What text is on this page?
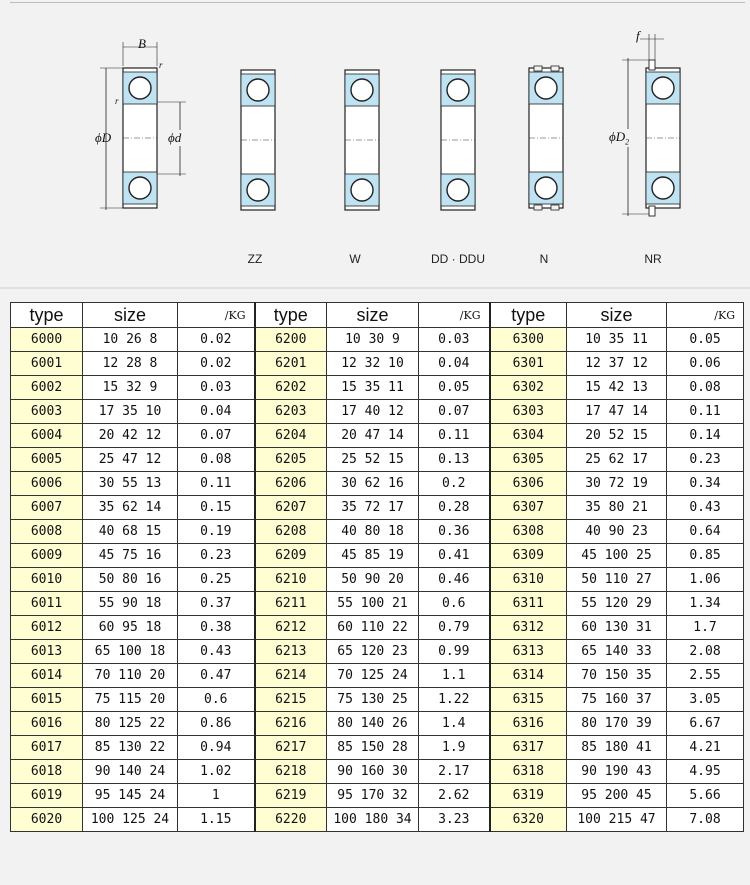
B
r
r
ϕD	ϕd
f
$\phi D_2$
ZZ	W	DD · DDU	N	NR
type	size	/KG	type	size	/KG	type	size	/KG
6000	10 26 8	0.02	6200	10 30 9	0.03	6300	10 35 11	0.05
6001	12 28 8	0.02	6201	12 32 10	0.04	6301	12 37 12	0.06
6002	15 32 9	0.03	6202	15 35 11	0.05	6302	15 42 13	0.08
6003	17 35 10	0.04	6203	17 40 12	0.07	6303	17 47 14	0.11
6004	20 42 12	0.07	6204	20 47 14	0.11	6304	20 52 15	0.14
6005	25 47 12	0.08	6205	25 52 15	0.13	6305	25 62 17	0.23
6006	30 55 13	0.11	6206	30 62 16	0.2	6306	30 72 19	0.34
6007	35 62 14	0.15	6207	35 72 17	0.28	6307	35 80 21	0.43
6008	40 68 15	0.19	6208	40 80 18	0.36	6308	40 90 23	0.64
6009	45 75 16	0.23	6209	45 85 19	0.41	6309	45 100 25	0.85
6010	50 80 16	0.25	6210	50 90 20	0.46	6310	50 110 27	1.06
6011	55 90 18	0.37	6211	55 100 21	0.6	6311	55 120 29	1.34
6012	60 95 18	0.38	6212	60 110 22	0.79	6312	60 130 31	1.7
6013	65 100 18	0.43	6213	65 120 23	0.99	6313	65 140 33	2.08
6014	70 110 20	0.47	6214	70 125 24	1.1	6314	70 150 35	2.55
6015	75 115 20	0.6	6215	75 130 25	1.22	6315	75 160 37	3.05
6016	80 125 22	0.86	6216	80 140 26	1.4	6316	80 170 39	6.67
6017	85 130 22	0.94	6217	85 150 28	1.9	6317	85 180 41	4.21
6018	90 140 24	1.02	6218	90 160 30	2.17	6318	90 190 43	4.95
6019	95 145 24	1	6219	95 170 32	2.62	6319	95 200 45	5.66
6020	100 125 24	1.15	6220	100 180 34	3.23	6320	100 215 47	7.08
